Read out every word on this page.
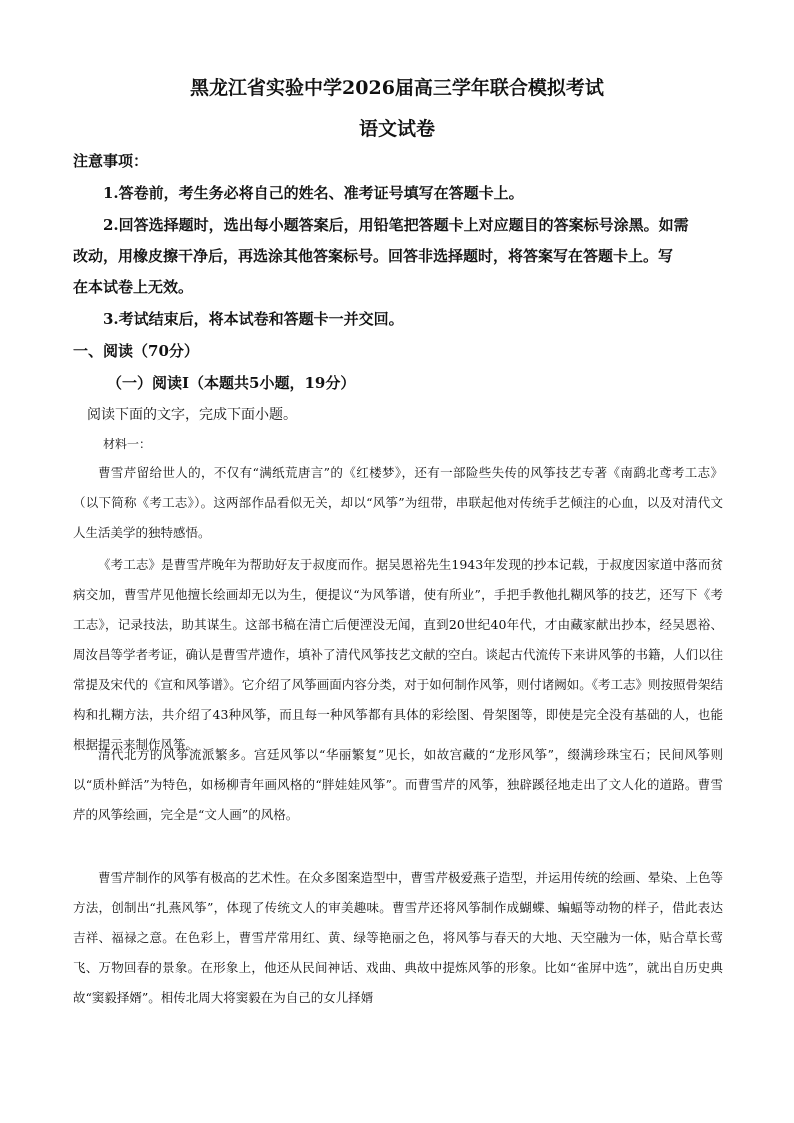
黑龙江省实验中学2026届高三学年联合模拟考试
语文试卷
注意事项：
1.答卷前，考生务必将自己的姓名、准考证号填写在答题卡上。
2.回答选择题时，选出每小题答案后，用铅笔把答题卡上对应题目的答案标号涂黑。如需
改动，用橡皮擦干净后，再选涂其他答案标号。回答非选择题时，将答案写在答题卡上。写
在本试卷上无效。
3.考试结束后，将本试卷和答题卡一并交回。
一、阅读（70分）
（一）阅读Ⅰ（本题共5小题，19分）
阅读下面的文字，完成下面小题。
材料一：

曹雪芹留给世人的，不仅有“满纸荒唐言”的《红楼梦》，还有一部险些失传的风筝技艺专著《南鹞北鸢考工志》（以下简称《考工志》）。这两部作品看似无关，却以“风筝”为纽带，串联起他对传统手艺倾注的心血，以及对清代文人生活美学的独特感悟。

《考工志》是曹雪芹晚年为帮助好友于叔度而作。据吴恩裕先生1943年发现的抄本记载，于叔度因家道中落而贫病交加，曹雪芹见他擅长绘画却无以为生，便提议“为风筝谱，使有所业”，手把手教他扎糊风筝的技艺，还写下《考工志》，记录技法，助其谋生。这部书稿在清亡后便湮没无闻，直到20世纪40年代，才由藏家献出抄本，经吴恩裕、周汝昌等学者考证，确认是曹雪芹遗作，填补了清代风筝技艺文献的空白。谈起古代流传下来讲风筝的书籍，人们以往常提及宋代的《宣和风筝谱》。它介绍了风筝画面内容分类，对于如何制作风筝，则付诸阙如。《考工志》则按照骨架结构和扎糊方法，共介绍了43种风筝，而且每一种风筝都有具体的彩绘图、骨架图等，即使是完全没有基础的人，也能根据提示来制作风筝。

清代北方的风筝流派繁多。宫廷风筝以“华丽繁复”见长，如故宫藏的“龙形风筝”，缀满珍珠宝石；民间风筝则以“质朴鲜活”为特色，如杨柳青年画风格的“胖娃娃风筝”。而曹雪芹的风筝，独辟蹊径地走出了文人化的道路。曹雪芹的风筝绘画，完全是“文人画”的风格。

曹雪芹制作的风筝有极高的艺术性。在众多图案造型中，曹雪芹极爱燕子造型，并运用传统的绘画、晕染、上色等方法，创制出“扎燕风筝”，体现了传统文人的审美趣味。曹雪芹还将风筝制作成蝴蝶、蝙蝠等动物的样子，借此表达吉祥、福禄之意。在色彩上，曹雪芹常用红、黄、绿等艳丽之色，将风筝与春天的大地、天空融为一体，贴合草长莺飞、万物回春的景象。在形象上，他还从民间神话、戏曲、典故中提炼风筝的形象。比如“雀屏中选”，就出自历史典故“窦毅择婿”。相传北周大将窦毅在为自己的女儿择婿
